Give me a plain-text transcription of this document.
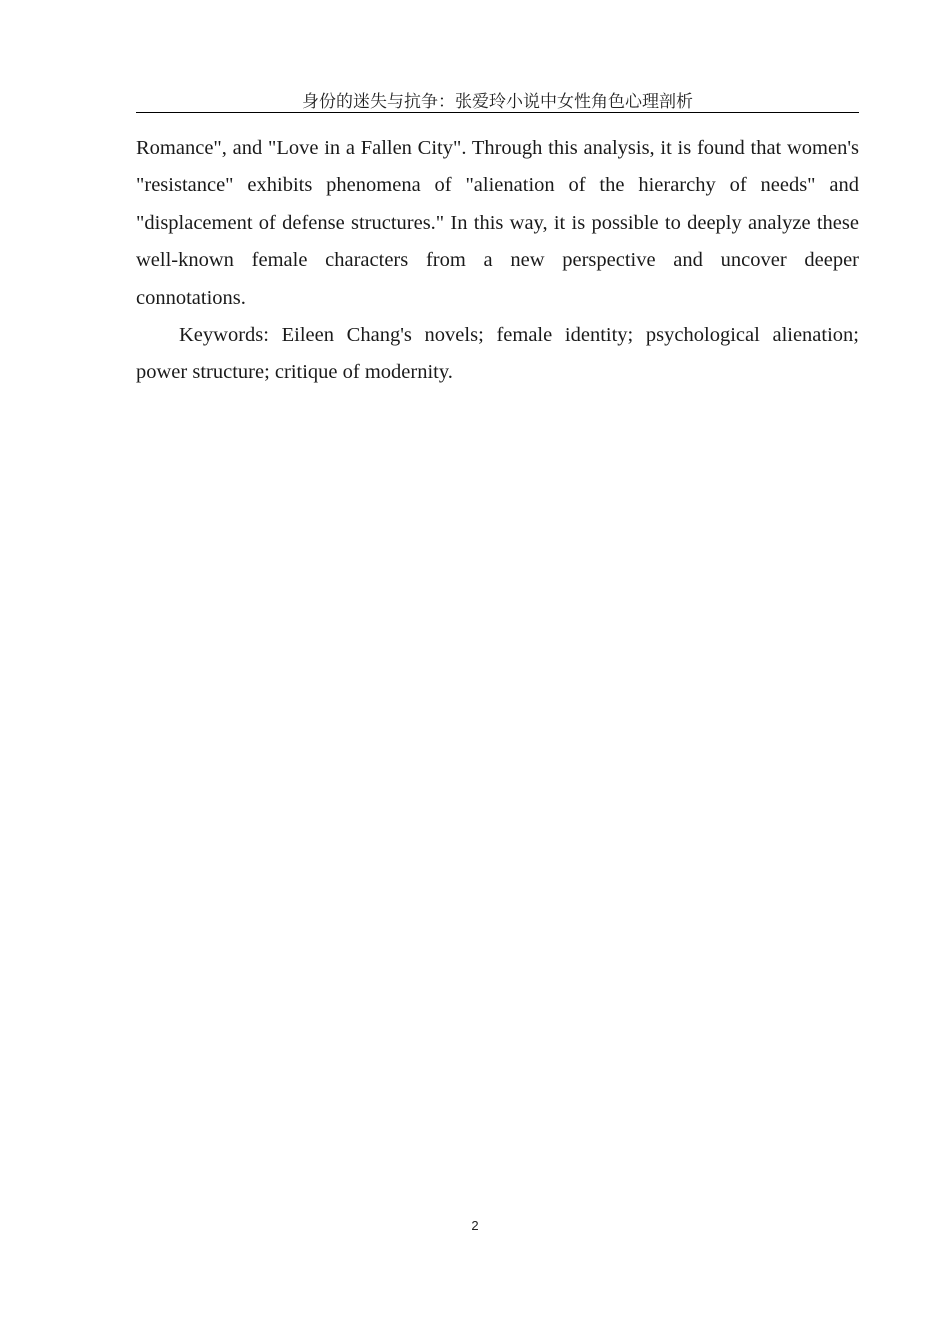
身份的迷失与抗争：张爱玲小说中女性角色心理剖析

Romance", and "Love in a Fallen City". Through this analysis, it is found that women's "resistance" exhibits phenomena of "alienation of the hierarchy of needs" and "displacement of defense structures." In this way, it is possible to deeply analyze these well-known female characters from a new perspective and uncover deeper connotations.

Keywords: Eileen Chang's novels; female identity; psychological alienation; power structure; critique of modernity.

2
